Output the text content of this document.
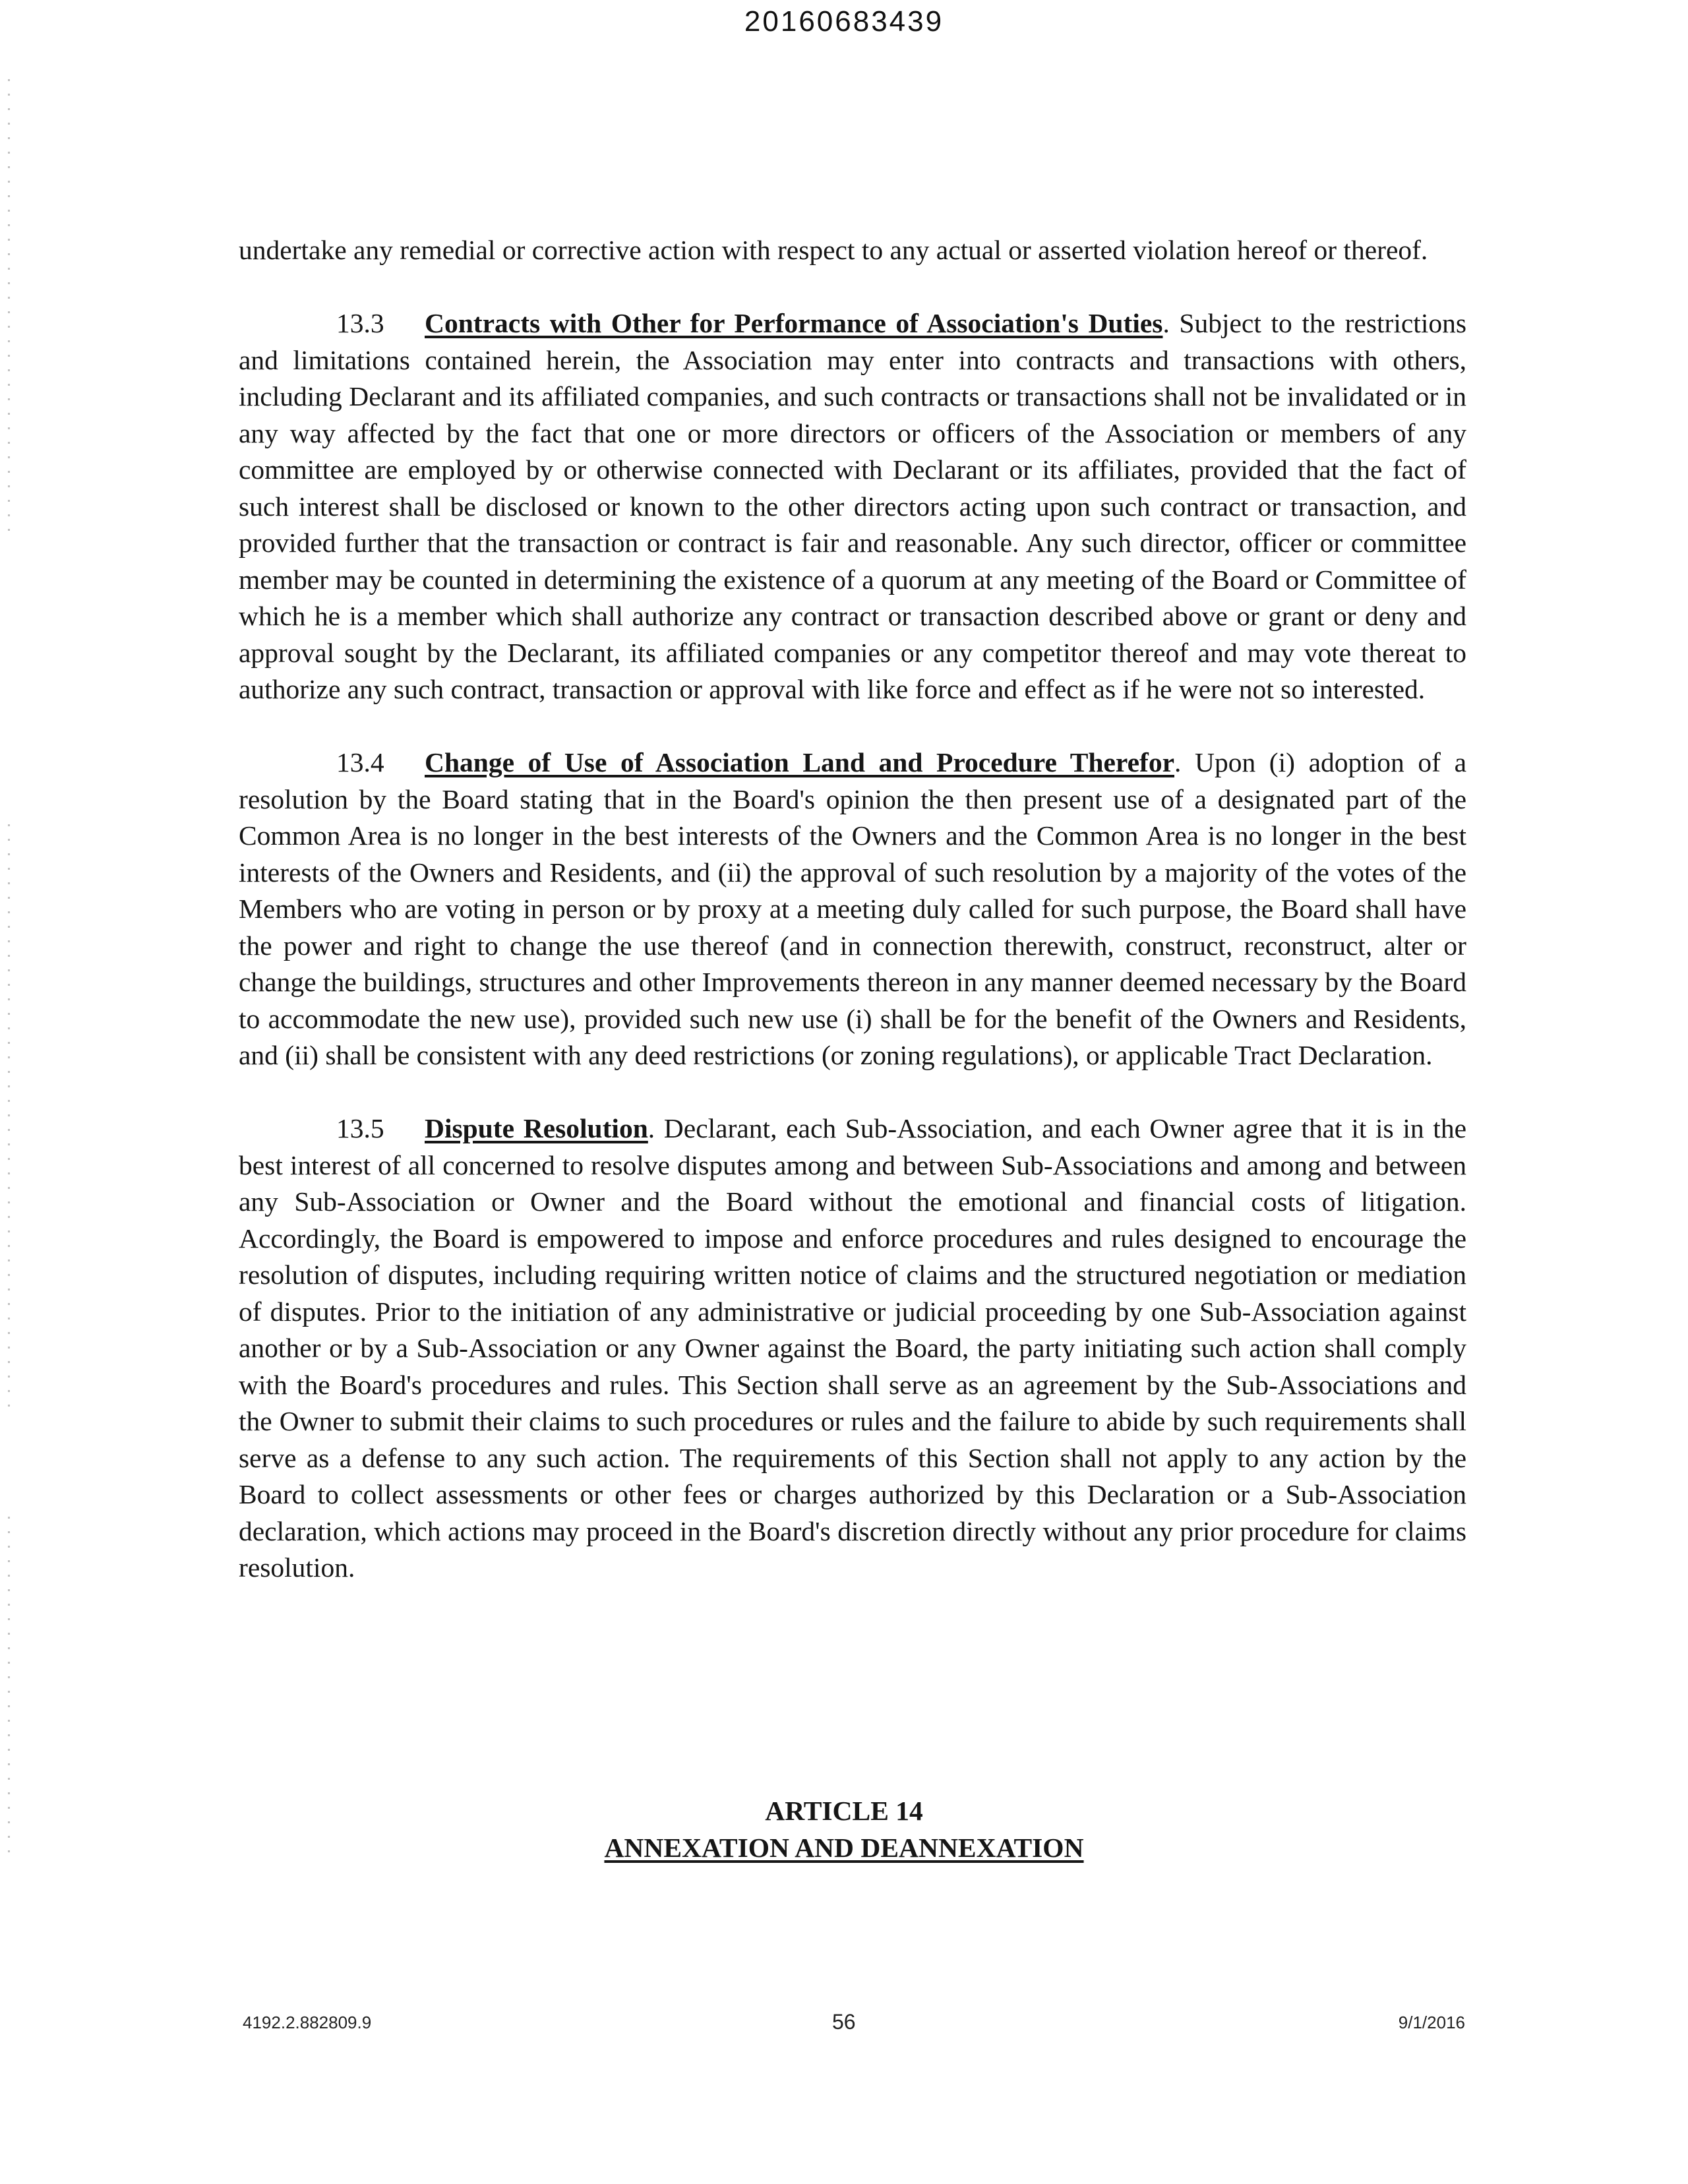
20160683439

undertake any remedial or corrective action with respect to any actual or asserted violation hereof or thereof.

13.3 Contracts with Other for Performance of Association's Duties. Subject to the restrictions and limitations contained herein, the Association may enter into contracts and transactions with others, including Declarant and its affiliated companies, and such contracts or transactions shall not be invalidated or in any way affected by the fact that one or more directors or officers of the Association or members of any committee are employed by or otherwise connected with Declarant or its affiliates, provided that the fact of such interest shall be disclosed or known to the other directors acting upon such contract or transaction, and provided further that the transaction or contract is fair and reasonable. Any such director, officer or committee member may be counted in determining the existence of a quorum at any meeting of the Board or Committee of which he is a member which shall authorize any contract or transaction described above or grant or deny and approval sought by the Declarant, its affiliated companies or any competitor thereof and may vote thereat to authorize any such contract, transaction or approval with like force and effect as if he were not so interested.

13.4 Change of Use of Association Land and Procedure Therefor. Upon (i) adoption of a resolution by the Board stating that in the Board's opinion the then present use of a designated part of the Common Area is no longer in the best interests of the Owners and the Common Area is no longer in the best interests of the Owners and Residents, and (ii) the approval of such resolution by a majority of the votes of the Members who are voting in person or by proxy at a meeting duly called for such purpose, the Board shall have the power and right to change the use thereof (and in connection therewith, construct, reconstruct, alter or change the buildings, structures and other Improvements thereon in any manner deemed necessary by the Board to accommodate the new use), provided such new use (i) shall be for the benefit of the Owners and Residents, and (ii) shall be consistent with any deed restrictions (or zoning regulations), or applicable Tract Declaration.

13.5 Dispute Resolution. Declarant, each Sub-Association, and each Owner agree that it is in the best interest of all concerned to resolve disputes among and between Sub-Associations and among and between any Sub-Association or Owner and the Board without the emotional and financial costs of litigation. Accordingly, the Board is empowered to impose and enforce procedures and rules designed to encourage the resolution of disputes, including requiring written notice of claims and the structured negotiation or mediation of disputes. Prior to the initiation of any administrative or judicial proceeding by one Sub-Association against another or by a Sub-Association or any Owner against the Board, the party initiating such action shall comply with the Board's procedures and rules. This Section shall serve as an agreement by the Sub-Associations and the Owner to submit their claims to such procedures or rules and the failure to abide by such requirements shall serve as a defense to any such action. The requirements of this Section shall not apply to any action by the Board to collect assessments or other fees or charges authorized by this Declaration or a Sub-Association declaration, which actions may proceed in the Board's discretion directly without any prior procedure for claims resolution.

ARTICLE 14
ANNEXATION AND DEANNEXATION
4192.2.882809.9	56	9/1/2016
